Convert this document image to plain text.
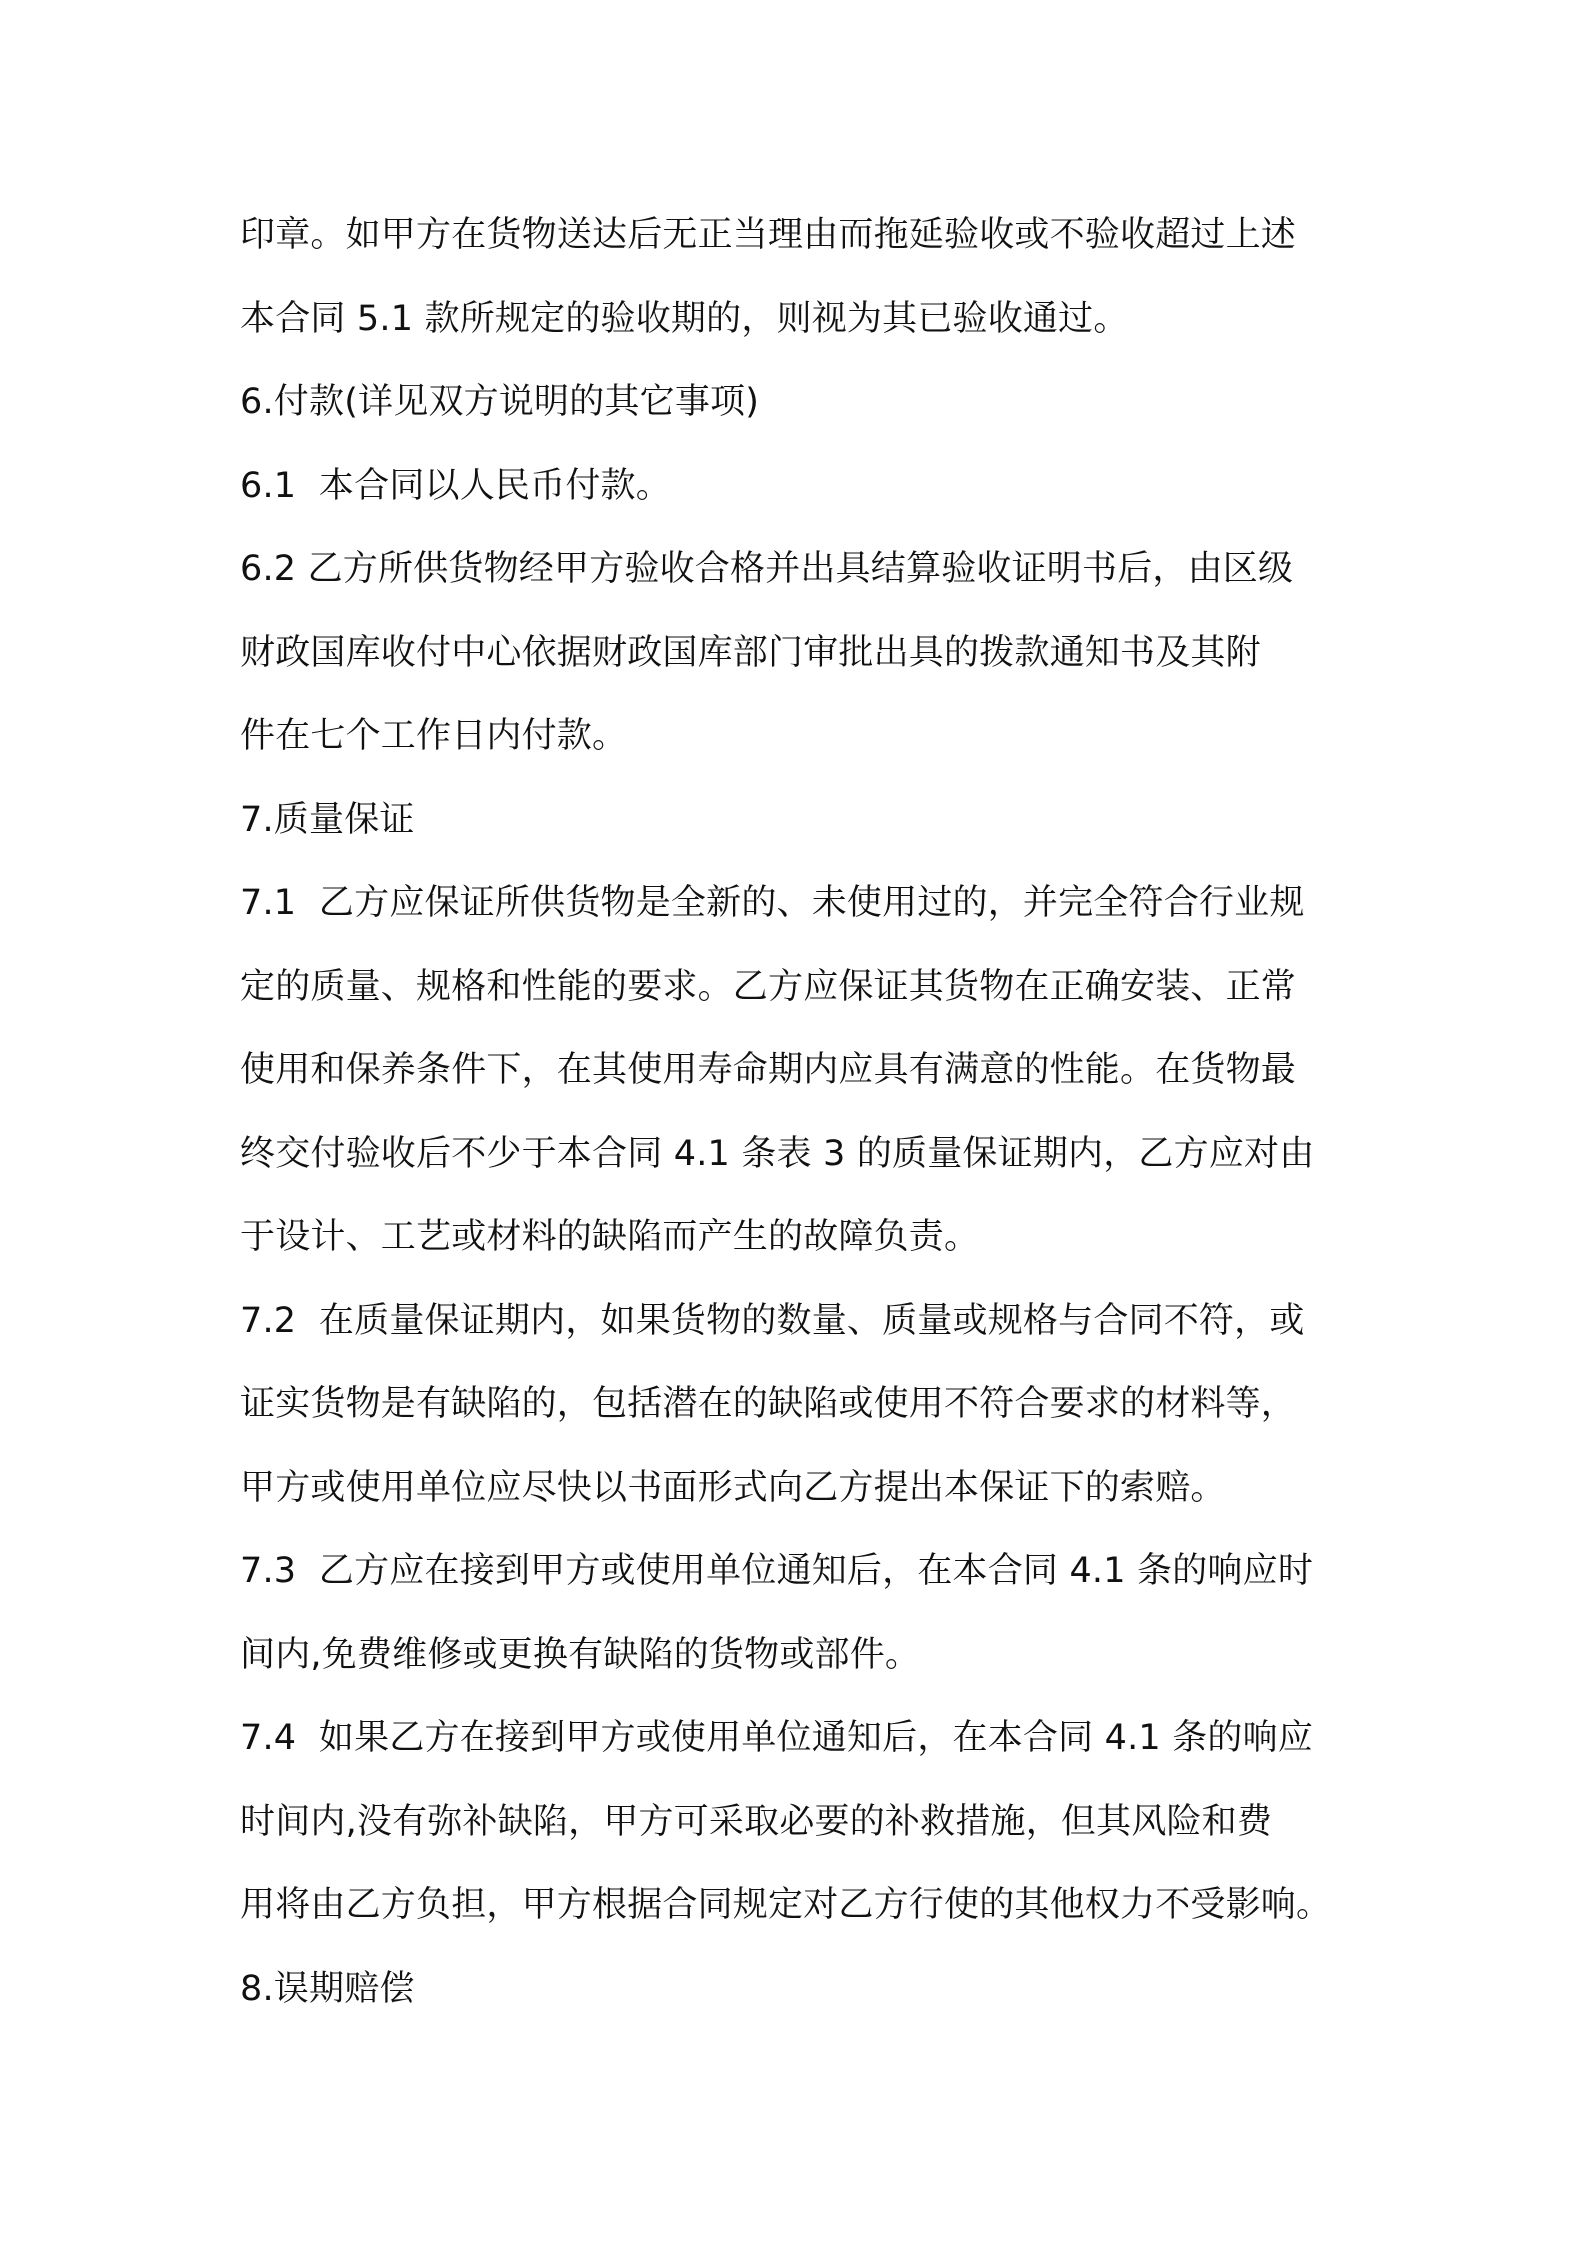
印章。如甲方在货物送达后无正当理由而拖延验收或不验收超过上述
本合同 5.1 款所规定的验收期的，则视为其已验收通过。
6.付款(详见双方说明的其它事项)
6.1  本合同以人民币付款。
6.2 乙方所供货物经甲方验收合格并出具结算验收证明书后，由区级
财政国库收付中心依据财政国库部门审批出具的拨款通知书及其附
件在七个工作日内付款。
7.质量保证
7.1  乙方应保证所供货物是全新的、未使用过的，并完全符合行业规
定的质量、规格和性能的要求。乙方应保证其货物在正确安装、正常
使用和保养条件下，在其使用寿命期内应具有满意的性能。在货物最
终交付验收后不少于本合同 4.1 条表 3 的质量保证期内，乙方应对由
于设计、工艺或材料的缺陷而产生的故障负责。
7.2  在质量保证期内，如果货物的数量、质量或规格与合同不符，或
证实货物是有缺陷的，包括潜在的缺陷或使用不符合要求的材料等，
甲方或使用单位应尽快以书面形式向乙方提出本保证下的索赔。
7.3  乙方应在接到甲方或使用单位通知后，在本合同 4.1 条的响应时
间内,免费维修或更换有缺陷的货物或部件。
7.4  如果乙方在接到甲方或使用单位通知后，在本合同 4.1 条的响应
时间内,没有弥补缺陷，甲方可采取必要的补救措施，但其风险和费
用将由乙方负担，甲方根据合同规定对乙方行使的其他权力不受影响。
8.误期赔偿
